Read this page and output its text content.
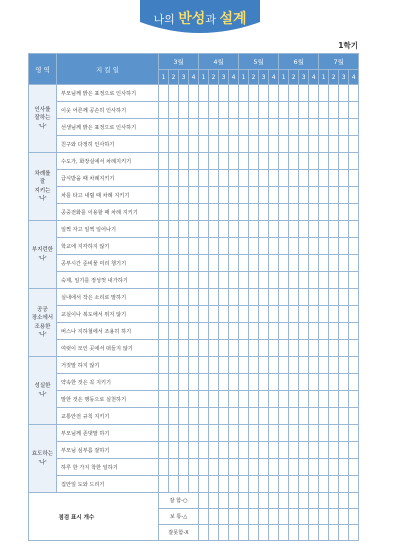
나의 반성과 설계
1학기
영 역	지 킬 일	3월				4월				5월				6월				7월			
		1	2	3	4	1	2	3	4	1	2	3	4	1	2	3	4	1	2	3	4

인사를
잘하는
'나'	부모님께 밝은 표정으로 인사하기																				
	이웃 어른께 공손히 인사하기																				
	선생님께 밝은 표정으로 인사하기																				
	친구와 다정히 인사하기																				

차례를
잘
지키는
'나'	수도가, 화장실에서 차례지키기																				
	급식받을 때 차례지키기																				
	차를 타고 내릴 때 차례 지키기																				
	공중전화를 이용할 때 차례 지키기																				

부지런한
'나'	일찍 자고 일찍 일어나기																				
	학교에 지각하지 않기																				
	공부시간 준비물 미리 챙기기																				
	숙제, 일기를 정성껏 내가하기																				

공공
장소에서
조용한
'나'	실내에서 작은 소리로 말하기																				
	교실이나 복도에서 뛰지 않기																				
	버스나 지하철에서 조용히 하기																				
	여럿이 모인 곳에서 떠들지 않기																				

성실한
'나'	거짓말 하지 않기																				
	약속한 것은 꼭 지키기																				
	말한 것은 행동으로 실천하기																				
	교통안전 규칙 지키기																				

효도하는
'나'	부모님께 존댓말 하기																				
	부모님 심부름 잘하기																				
	하루 한 가지 착한 일하기																				
	집안일 도와 드리기																				
	점검 표시 개수	잘 함-○																			
		보 통-△																			
		잘못함-X																			
